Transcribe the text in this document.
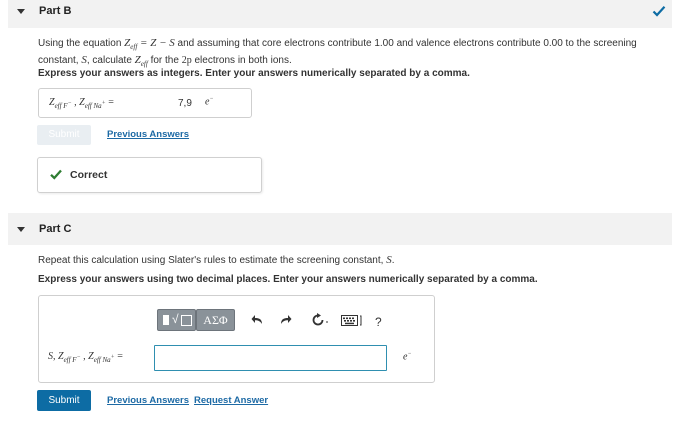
Part B
Using the equation $Z_{eff} = Z - S$ and assuming that core electrons contribute 1.00 and valence electrons contribute 0.00 to the screening constant, S, calculate $Z_{eff}$ for the 2p electrons in both ions.
Express your answers as integers. Enter your answers numerically separated by a comma.
$Z_{eff F^-}$ , $Z_{eff Na^+}$ =	7,9 e−
Submit	Previous Answers
Correct
Part C
Repeat this calculation using Slater's rules to estimate the screening constant, S.
Express your answers using two decimal places. Enter your answers numerically separated by a comma.
√	ΑΣΦ	?
S, $Z_{eff F^-}$ , $Z_{eff Na^+}$ =	e−
Submit	Previous Answers Request Answer
